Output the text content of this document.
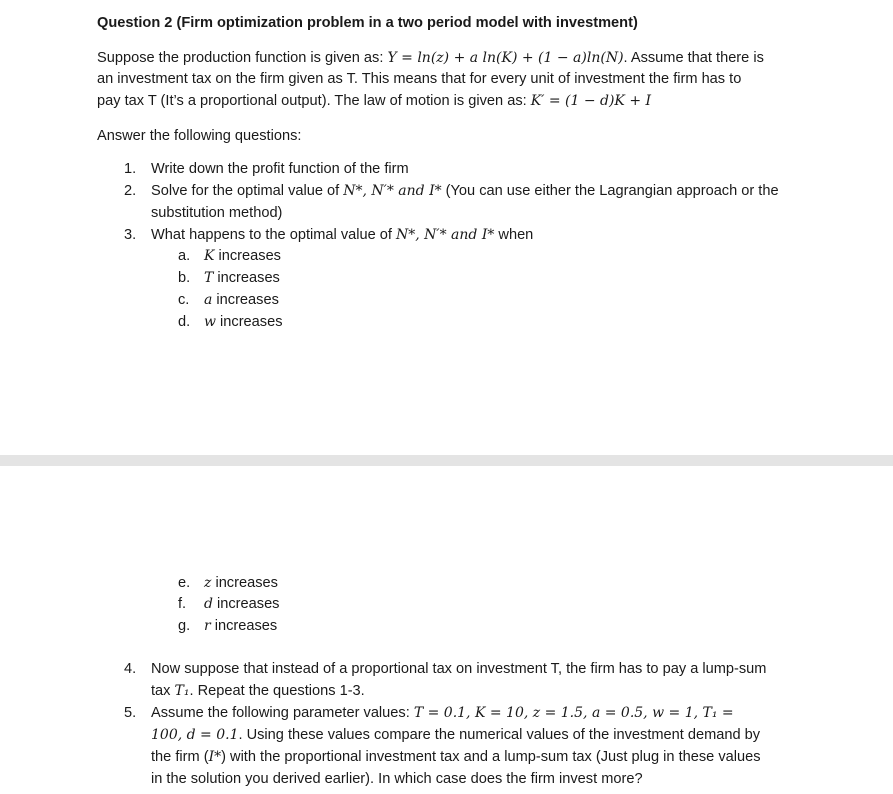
Question 2 (Firm optimization problem in a two period model with investment)
Suppose the production function is given as: Y = ln(z) + a ln(K) + (1 − a)ln(N). Assume that there is
an investment tax on the firm given as T. This means that for every unit of investment the firm has to
pay tax T (It’s a proportional output). The law of motion is given as: K′ = (1 − d)K + I
Answer the following questions:
1. Write down the profit function of the firm
2. Solve for the optimal value of N*, N′* and I* (You can use either the Lagrangian approach or the
substitution method)
3. What happens to the optimal value of N*, N′* and I* when
a. K increases
b. T increases
c. a increases
d. w increases
e. z increases
f. d increases
g. r increases
4. Now suppose that instead of a proportional tax on investment T, the firm has to pay a lump-sum
tax T₁. Repeat the questions 1-3.
5. Assume the following parameter values: T = 0.1, K = 10, z = 1.5, a = 0.5, w = 1, T₁ =
100, d = 0.1. Using these values compare the numerical values of the investment demand by
the firm (I*) with the proportional investment tax and a lump-sum tax (Just plug in these values
in the solution you derived earlier). In which case does the firm invest more?
